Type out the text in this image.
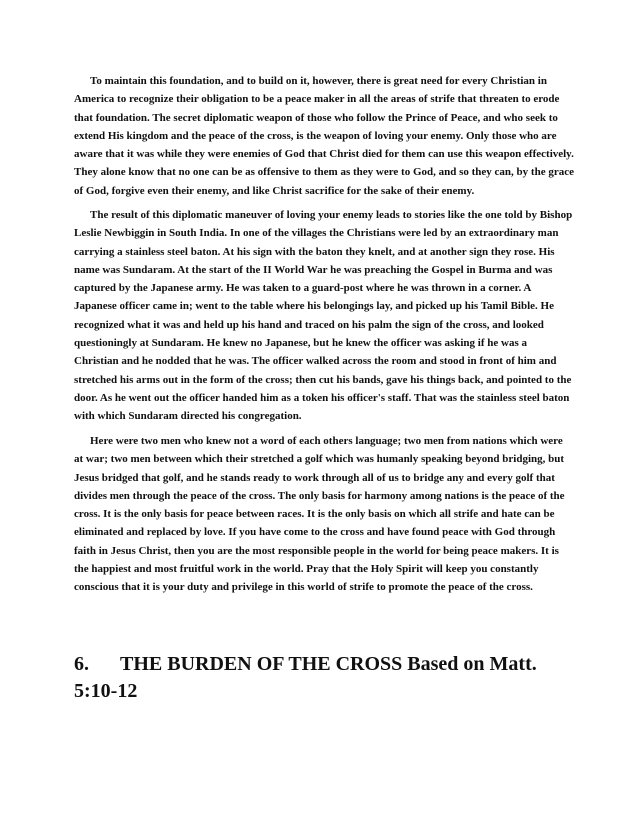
To maintain this foundation, and to build on it, however, there is great need for every Christian in America to recognize their obligation to be a peace maker in all the areas of strife that threaten to erode that foundation. The secret diplomatic weapon of those who follow the Prince of Peace, and who seek to extend His kingdom and the peace of the cross, is the weapon of loving your enemy. Only those who are aware that it was while they were enemies of God that Christ died for them can use this weapon effectively. They alone know that no one can be as offensive to them as they were to God, and so they can, by the grace of God, forgive even their enemy, and like Christ sacrifice for the sake of their enemy.

The result of this diplomatic maneuver of loving your enemy leads to stories like the one told by Bishop Leslie Newbiggin in South India. In one of the villages the Christians were led by an extraordinary man carrying a stainless steel baton. At his sign with the baton they knelt, and at another sign they rose. His name was Sundaram. At the start of the II World War he was preaching the Gospel in Burma and was captured by the Japanese army. He was taken to a guard-post where he was thrown in a corner. A Japanese officer came in; went to the table where his belongings lay, and picked up his Tamil Bible. He recognized what it was and held up his hand and traced on his palm the sign of the cross, and looked questioningly at Sundaram. He knew no Japanese, but he knew the officer was asking if he was a Christian and he nodded that he was. The officer walked across the room and stood in front of him and stretched his arms out in the form of the cross; then cut his bands, gave his things back, and pointed to the door. As he went out the officer handed him as a token his officer's staff. That was the stainless steel baton with which Sundaram directed his congregation.

Here were two men who knew not a word of each others language; two men from nations which were at war; two men between which their stretched a golf which was humanly speaking beyond bridging, but Jesus bridged that golf, and he stands ready to work through all of us to bridge any and every golf that divides men through the peace of the cross. The only basis for harmony among nations is the peace of the cross. It is the only basis for peace between races. It is the only basis on which all strife and hate can be eliminated and replaced by love. If you have come to the cross and have found peace with God through faith in Jesus Christ, then you are the most responsible people in the world for being peace makers. It is the happiest and most fruitful work in the world. Pray that the Holy Spirit will keep you constantly conscious that it is your duty and privilege in this world of strife to promote the peace of the cross.

6. THE BURDEN OF THE CROSS Based on Matt. 5:10-12
